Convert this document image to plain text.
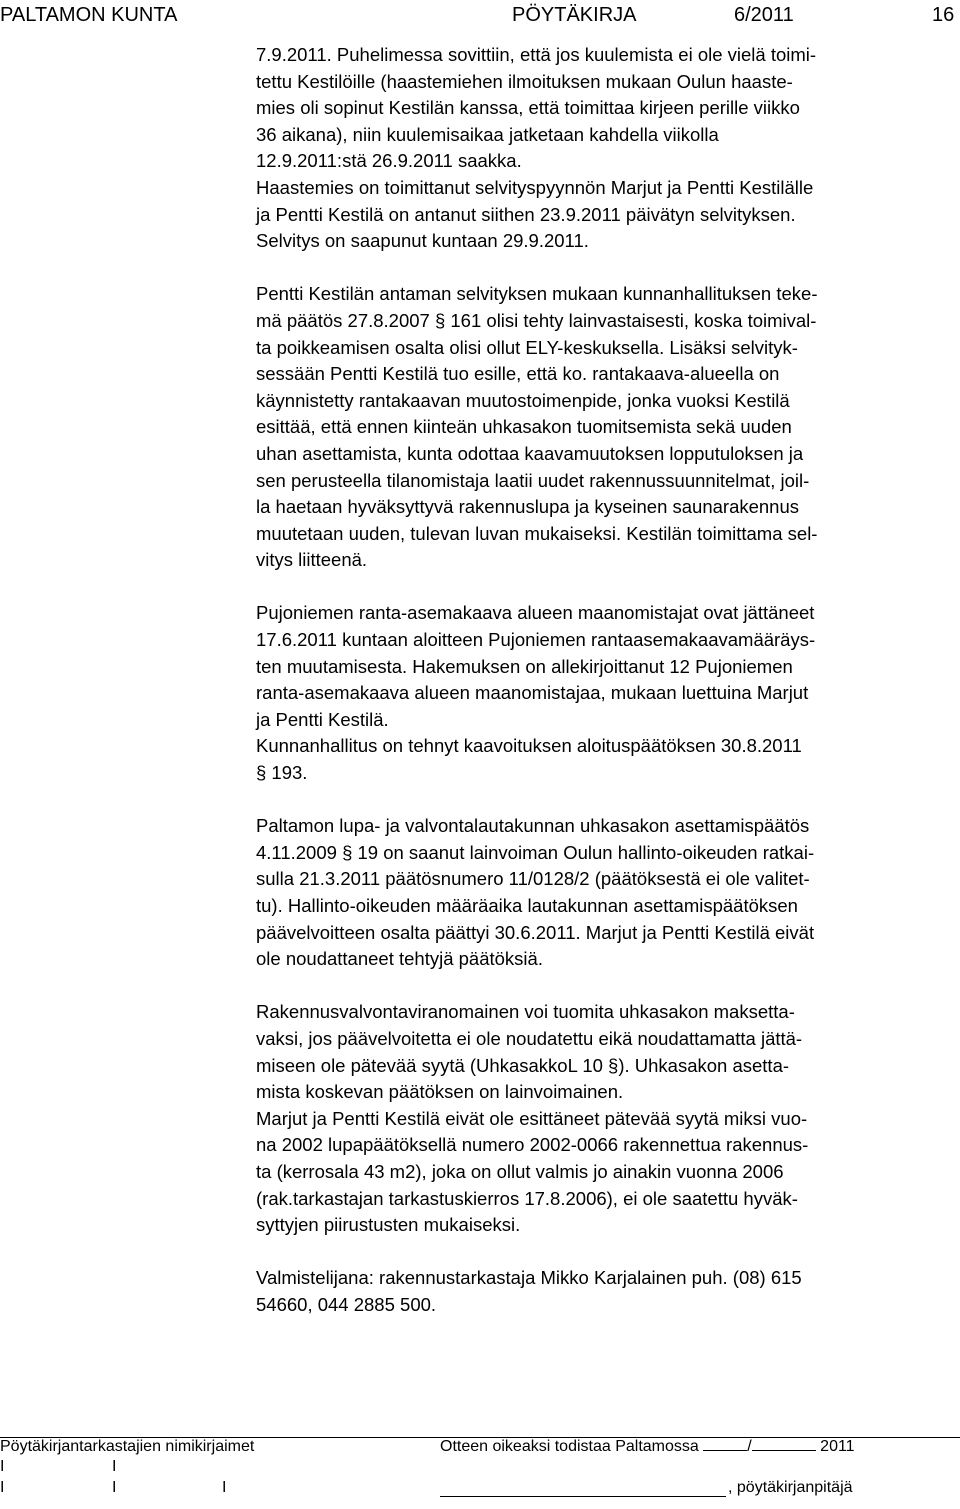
PALTAMON KUNTA	PÖYTÄKIRJA	6/2011	16

7.9.2011. Puhelimessa sovittiin, että jos kuulemista ei ole vielä toimi-

tettu Kestilöille (haastemiehen ilmoituksen mukaan Oulun haaste-

mies oli sopinut Kestilän kanssa, että toimittaa kirjeen perille viikko

36 aikana), niin kuulemisaikaa jatketaan kahdella viikolla

12.9.2011:stä 26.9.2011 saakka.

Haastemies on toimittanut selvityspyynnön Marjut ja Pentti Kestilälle

ja Pentti Kestilä on antanut siithen 23.9.2011 päivätyn selvityksen.

Selvitys on saapunut kuntaan 29.9.2011.

Pentti Kestilän antaman selvityksen mukaan kunnanhallituksen teke-

mä päätös 27.8.2007 § 161 olisi tehty lainvastaisesti, koska toimival-

ta poikkeamisen osalta olisi ollut ELY-keskuksella. Lisäksi selvityk-

sessään Pentti Kestilä tuo esille, että ko. rantakaava-alueella on

käynnistetty rantakaavan muutostoimenpide, jonka vuoksi Kestilä

esittää, että ennen kiinteän uhkasakon tuomitsemista sekä uuden

uhan asettamista, kunta odottaa kaavamuutoksen lopputuloksen ja

sen perusteella tilanomistaja laatii uudet rakennussuunnitelmat, joil-

la haetaan hyväksyttyvä rakennuslupa ja kyseinen saunarakennus

muutetaan uuden, tulevan luvan mukaiseksi. Kestilän toimittama sel-

vitys liitteenä.

Pujoniemen ranta-asemakaava alueen maanomistajat ovat jättäneet

17.6.2011 kuntaan aloitteen Pujoniemen rantaasemakaavamääräys-

ten muutamisesta. Hakemuksen on allekirjoittanut 12 Pujoniemen

ranta-asemakaava alueen maanomistajaa, mukaan luettuina Marjut

ja Pentti Kestilä.

Kunnanhallitus on tehnyt kaavoituksen aloituspäätöksen 30.8.2011

§ 193.

Paltamon lupa- ja valvontalautakunnan uhkasakon asettamispäätös

4.11.2009 § 19 on saanut lainvoiman Oulun hallinto-oikeuden ratkai-

sulla 21.3.2011 päätösnumero 11/0128/2 (päätöksestä ei ole valitet-

tu). Hallinto-oikeuden määräaika lautakunnan asettamispäätöksen

päävelvoitteen osalta päättyi 30.6.2011. Marjut ja Pentti Kestilä eivät

ole noudattaneet tehtyjä päätöksiä.

Rakennusvalvontaviranomainen voi tuomita uhkasakon maksetta-

vaksi, jos päävelvoitetta ei ole noudatettu eikä noudattamatta jättä-

miseen ole pätevää syytä (UhkasakkoL 10 §). Uhkasakon asetta-

mista koskevan päätöksen on lainvoimainen.

Marjut ja Pentti Kestilä eivät ole esittäneet pätevää syytä miksi vuo-

na 2002 lupapäätöksellä numero 2002-0066 rakennettua rakennus-

ta (kerrosala 43 m2), joka on ollut valmis jo ainakin vuonna 2006

(rak.tarkastajan tarkastuskierros 17.8.2006), ei ole saatettu hyväk-

syttyjen piirustusten mukaiseksi.

Valmistelijana: rakennustarkastaja Mikko Karjalainen puh. (08) 615

54660, 044 2885 500.

Pöytäkirjantarkastajien nimikirjaimet	Otteen oikeaksi todistaa Paltamossa	/	2011
I	I
I	I	I	, pöytäkirjanpitäjä
